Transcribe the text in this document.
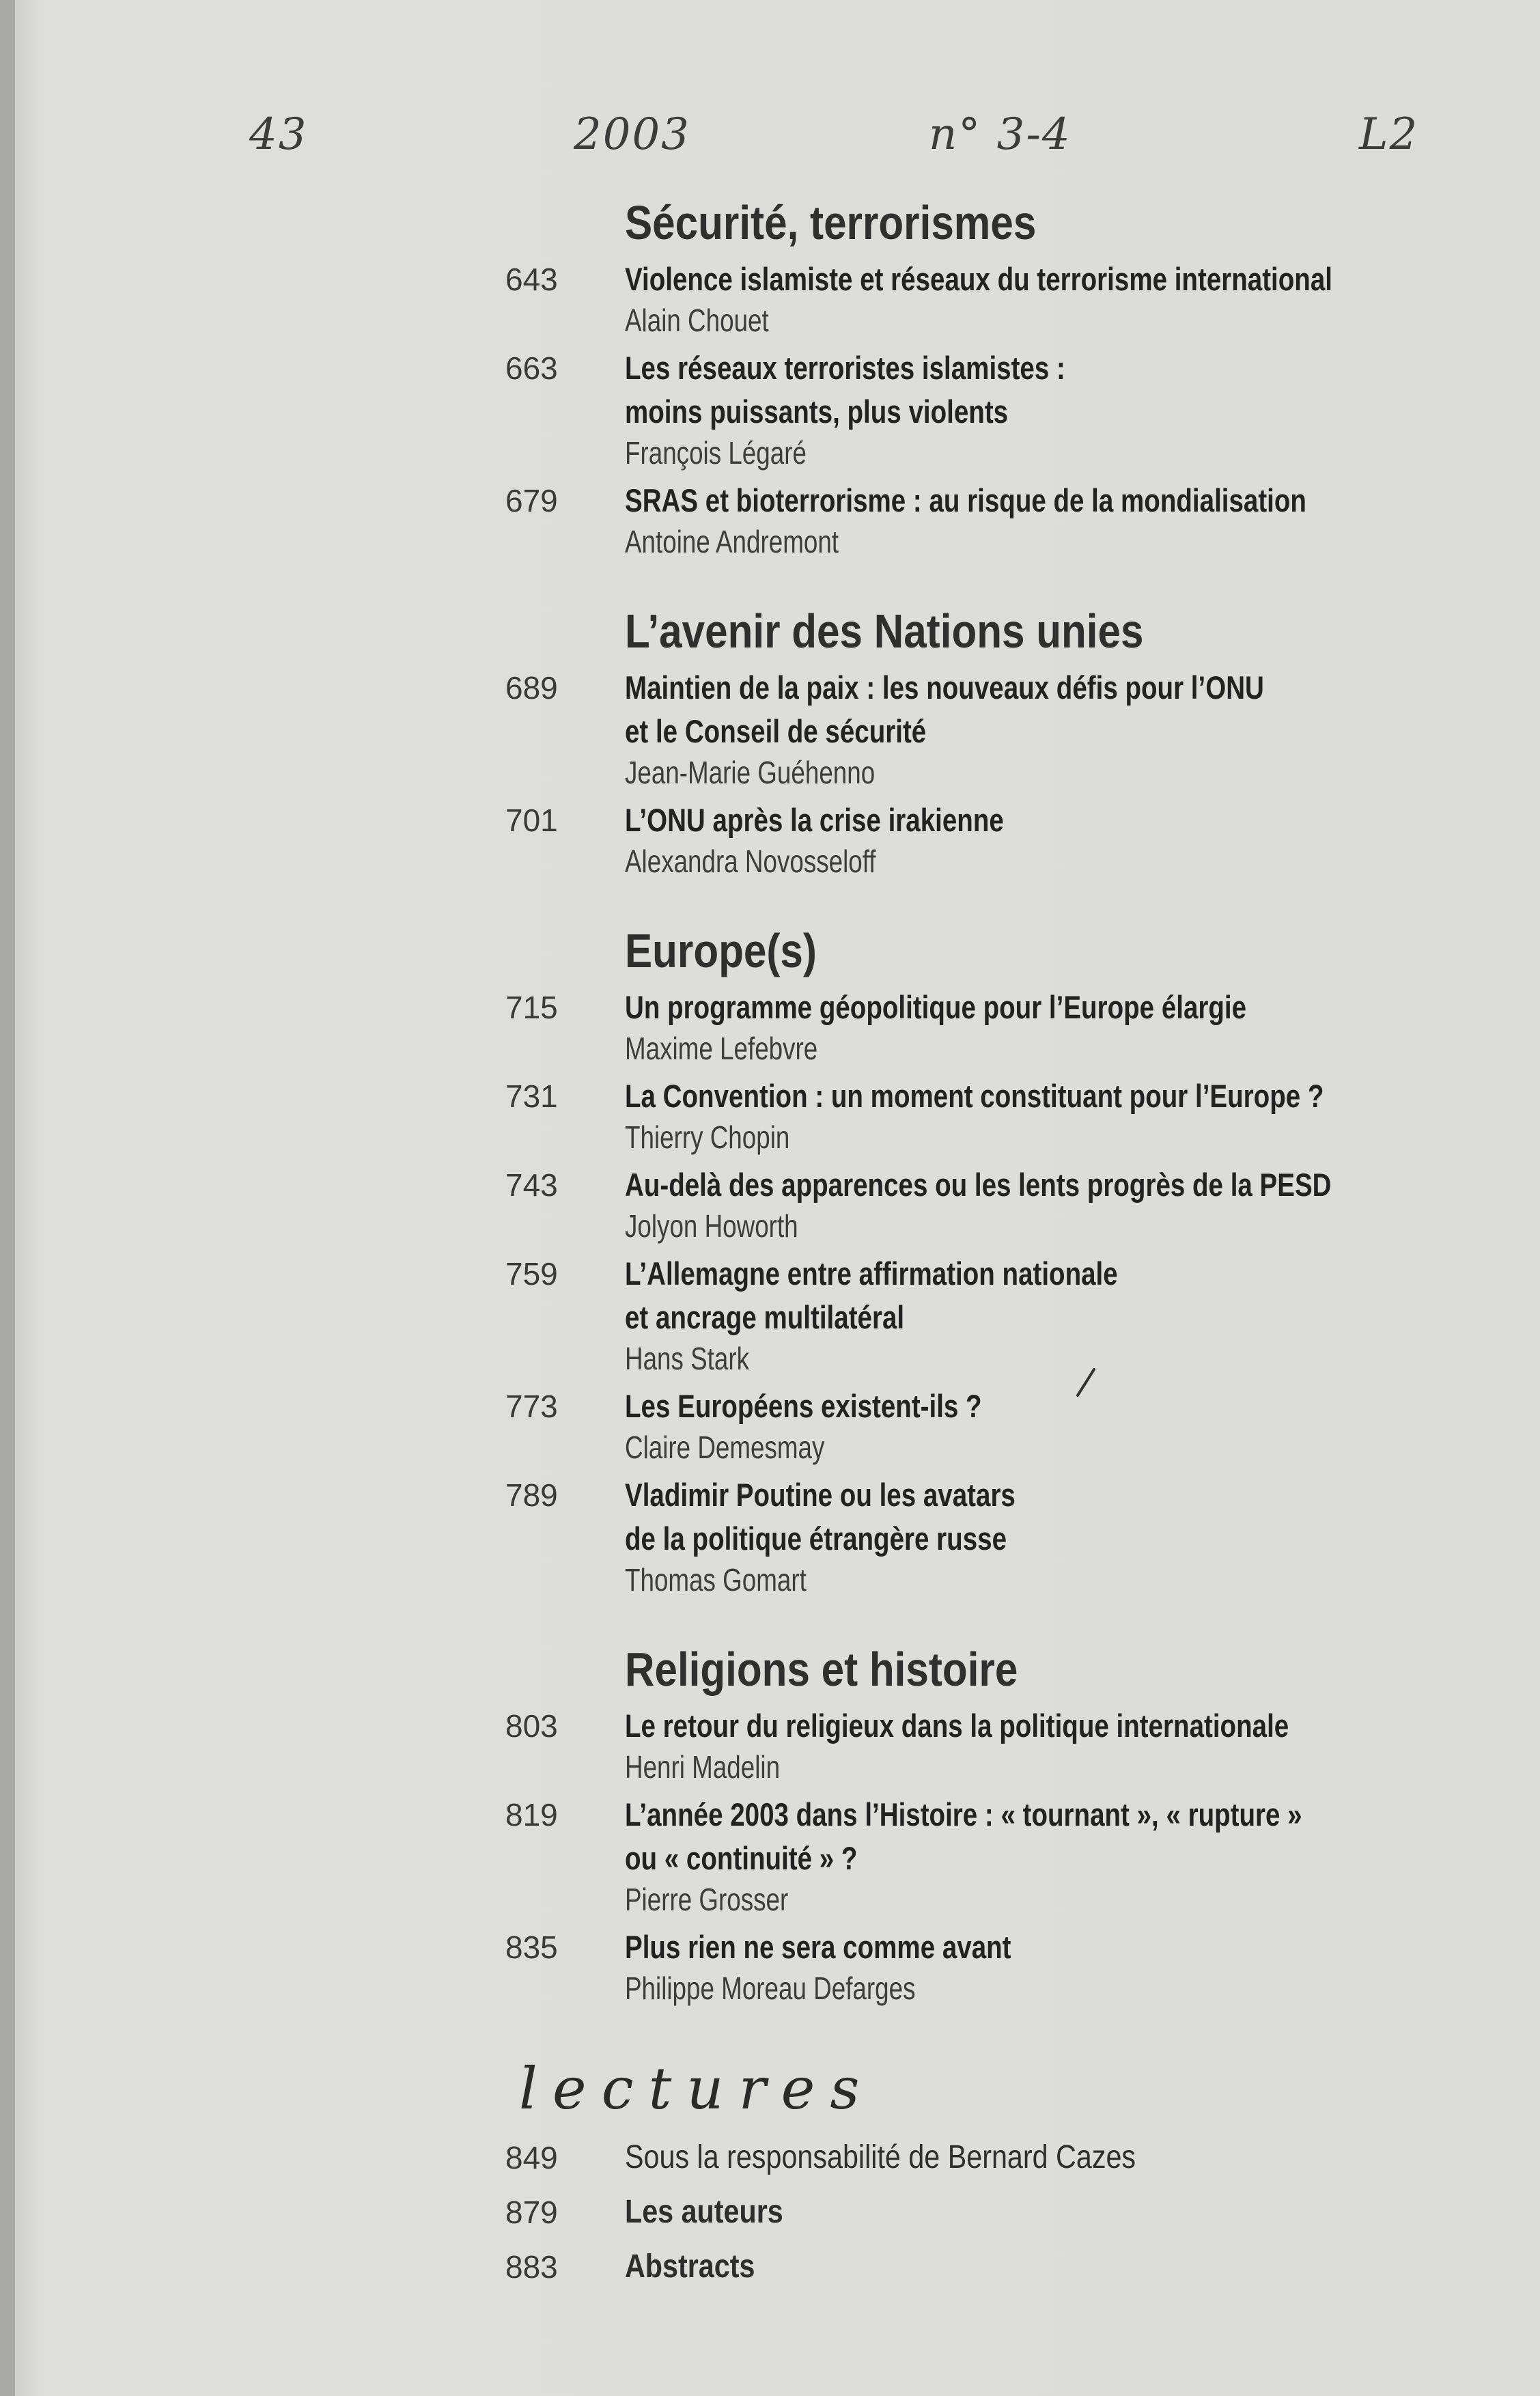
43	2003	n° 3-4	L2
Sécurité, terrorismes
643	Violence islamiste et réseaux du terrorisme international
Alain Chouet
663	Les réseaux terroristes islamistes :
moins puissants, plus violents
François Légaré
679	SRAS et bioterrorisme : au risque de la mondialisation
Antoine Andremont
L’avenir des Nations unies
689	Maintien de la paix : les nouveaux défis pour l’ONU
et le Conseil de sécurité
Jean-Marie Guéhenno
701	L’ONU après la crise irakienne
Alexandra Novosseloff
Europe(s)
715	Un programme géopolitique pour l’Europe élargie
Maxime Lefebvre
731	La Convention : un moment constituant pour l’Europe ?
Thierry Chopin
743	Au-delà des apparences ou les lents progrès de la PESD
Jolyon Howorth
759	L’Allemagne entre affirmation nationale
et ancrage multilatéral
Hans Stark
773	Les Européens existent-ils ?
Claire Demesmay
789	Vladimir Poutine ou les avatars
de la politique étrangère russe
Thomas Gomart
Religions et histoire
803	Le retour du religieux dans la politique internationale
Henri Madelin
819	L’année 2003 dans l’Histoire : « tournant », « rupture »
ou « continuité » ?
Pierre Grosser
835	Plus rien ne sera comme avant
Philippe Moreau Defarges
lectures
849	Sous la responsabilité de Bernard Cazes
879	Les auteurs
883	Abstracts
